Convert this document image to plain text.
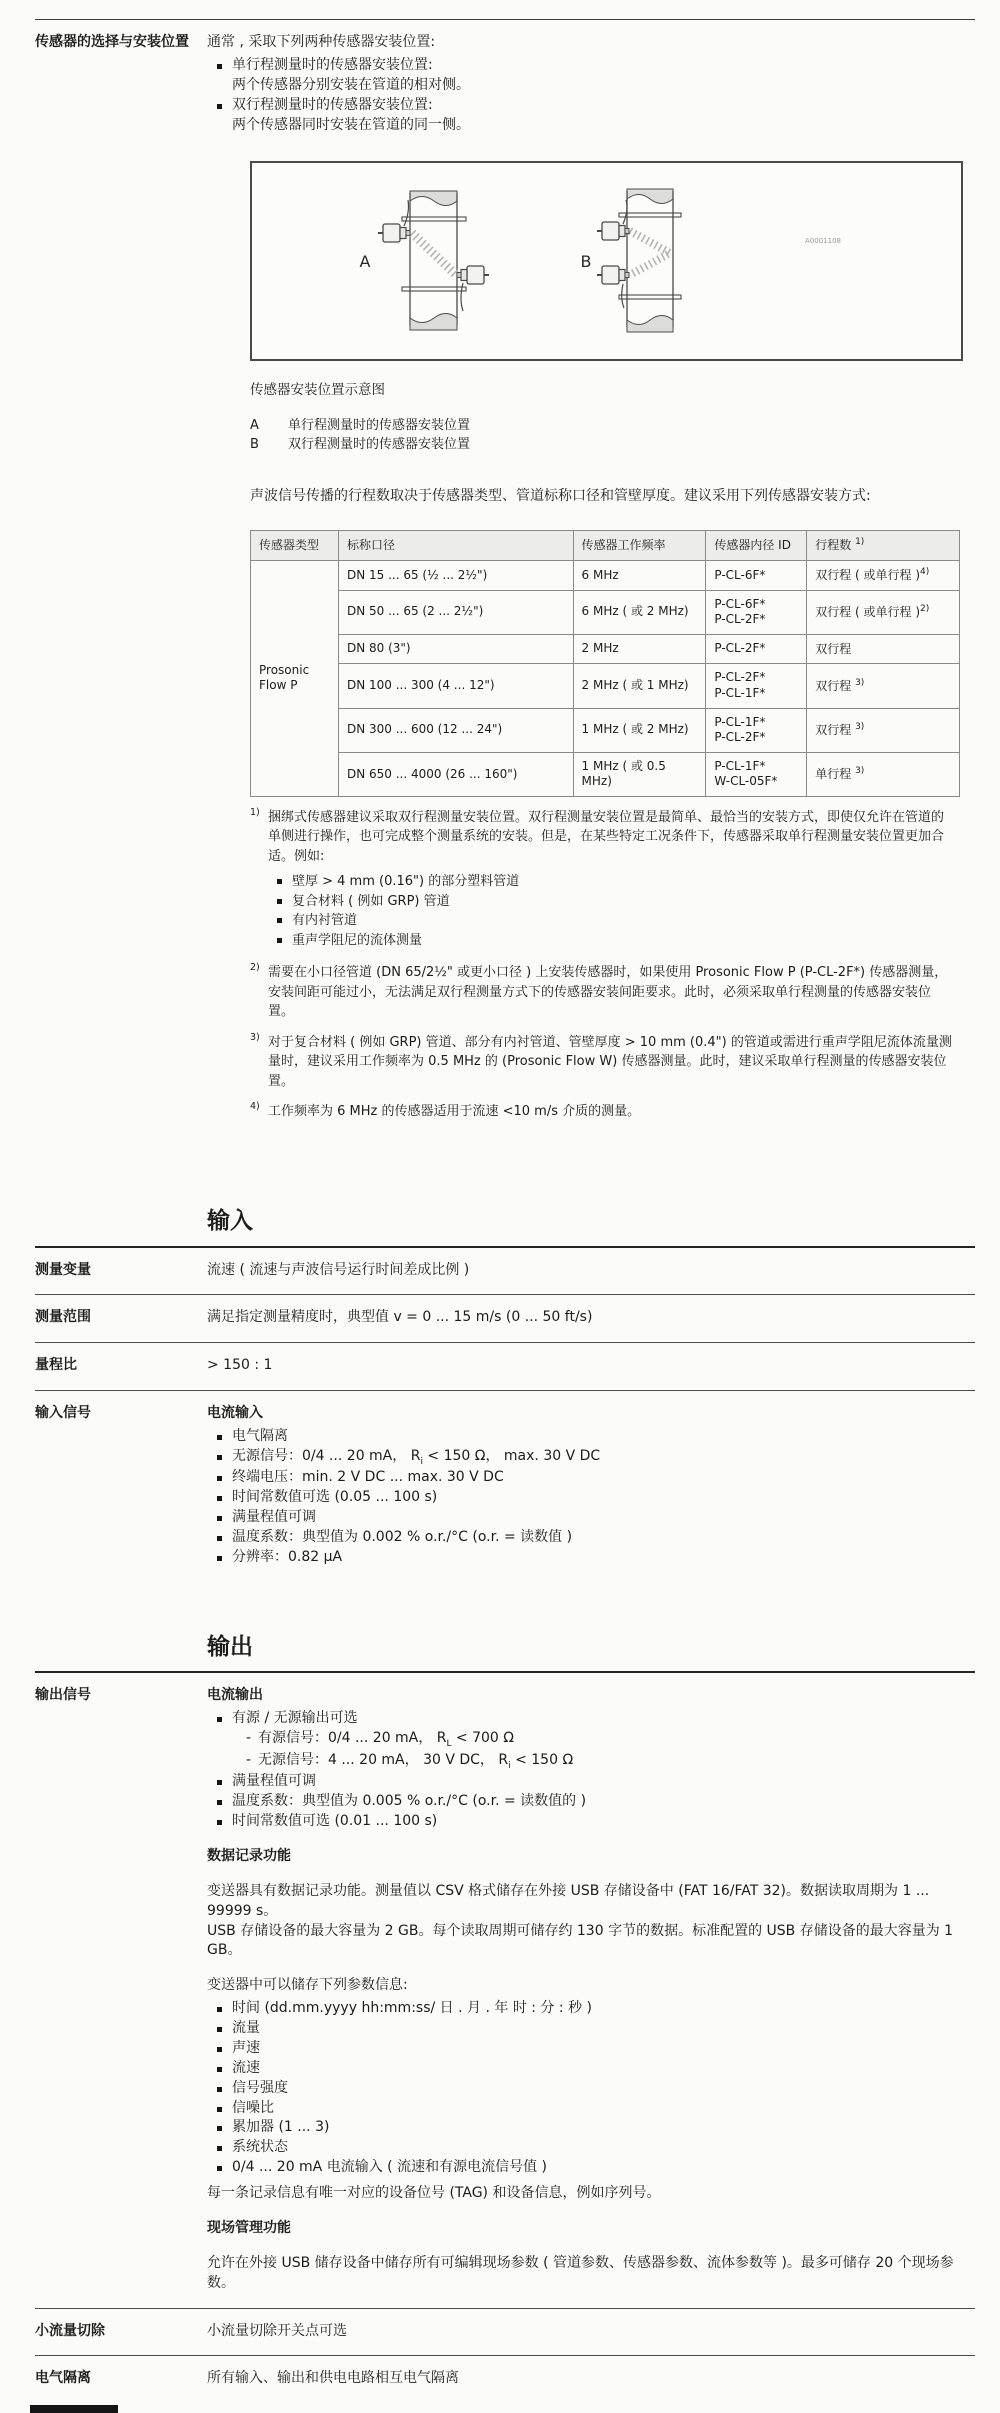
传感器的选择与安装位置	通常 , 采取下列两种传感器安装位置:

单行程测量时的传感器安装位置:
两个传感器分别安装在管道的相对侧。
双行程测量时的传感器安装位置:
两个传感器同时安装在管道的同一侧。
A	B
A0001108

传感器安装位置示意图

A	单行程测量时的传感器安装位置
B	双行程测量时的传感器安装位置

声波信号传播的行程数取决于传感器类型、管道标称口径和管壁厚度。建议采用下列传感器安装方式:

传感器类型	标称口径	传感器工作频率	传感器内径 ID	行程数 $^{1)}$
Prosonic Flow P	DN 15 ... 65 (½ ... 2½")	6 MHz	P-CL-6F*	双行程 ( 或单行程 )$^{4)}$
	DN 50 ... 65 (2 ... 2½")	6 MHz ( 或 2 MHz)	P-CL-6F*
P-CL-2F*	双行程 ( 或单行程 )$^{2)}$
	DN 80 (3")	2 MHz	P-CL-2F*	双行程
	DN 100 ... 300 (4 ... 12")	2 MHz ( 或 1 MHz)	P-CL-2F*
P-CL-1F*	双行程 $^{3)}$
	DN 300 ... 600 (12 ... 24")	1 MHz ( 或 2 MHz)	P-CL-1F*
P-CL-2F*	双行程 $^{3)}$
	DN 650 ... 4000 (26 ... 160")	1 MHz ( 或 0.5 MHz)	P-CL-1F*
W-CL-05F*	单行程 $^{3)}$
1) 捆绑式传感器建议采取双行程测量安装位置。双行程测量安装位置是最简单、最恰当的安装方式，即使仅允许在管道的单侧进行操作，也可完成整个测量系统的安装。但是，在某些特定工况条件下，传感器采取单行程测量安装位置更加合适。例如:
壁厚 > 4 mm (0.16") 的部分塑料管道
复合材料 ( 例如 GRP) 管道
有内衬管道
重声学阻尼的流体测量
2) 需要在小口径管道 (DN 65/2½" 或更小口径 ) 上安装传感器时，如果使用 Prosonic Flow P (P-CL-2F*) 传感器测量，安装间距可能过小，无法满足双行程测量方式下的传感器安装间距要求。此时，必须采取单行程测量的传感器安装位置。
3) 对于复合材料 ( 例如 GRP) 管道、部分有内衬管道、管壁厚度 > 10 mm (0.4") 的管道或需进行重声学阻尼流体流量测量时，建议采用工作频率为 0.5 MHz 的 (Prosonic Flow W) 传感器测量。此时，建议采取单行程测量的传感器安装位置。
4) 工作频率为 6 MHz 的传感器适用于流速 <10 m/s 介质的测量。
输入
测量变量	流速 ( 流速与声波信号运行时间差成比例 )
测量范围	满足指定测量精度时，典型值 v = 0 ... 15 m/s (0 ... 50 ft/s)
量程比	> 150 : 1
输入信号	电流输入

电气隔离
无源信号：0/4 ... 20 mA， $R_i < 150$ Ω， max. 30 V DC
终端电压：min. 2 V DC ... max. 30 V DC
时间常数值可选 (0.05 ... 100 s)
满量程值可调
温度系数：典型值为 0.002 % o.r./°C (o.r. = 读数值 )
分辨率：0.82 µA
输出
输出信号	电流输出

有源 / 无源输出可选
- 有源信号：0/4 ... 20 mA， $R_L < 700$ Ω
- 无源信号：4 ... 20 mA， 30 V DC， $R_i < 150$ Ω
满量程值可调
温度系数：典型值为 0.005 % o.r./°C (o.r. = 读数值的 )
时间常数值可选 (0.01 ... 100 s)

数据记录功能

变送器具有数据记录功能。测量值以 CSV 格式储存在外接 USB 存储设备中 (FAT 16/FAT 32)。数据读取周期为 1 ... 99999 s。
USB 存储设备的最大容量为 2 GB。每个读取周期可储存约 130 字节的数据。标准配置的 USB 存储设备的最大容量为 1 GB。

变送器中可以储存下列参数信息:

时间 (dd.mm.yyyy hh:mm:ss/ 日 . 月 . 年 时 : 分 : 秒 )
流量
声速
流速
信号强度
信噪比
累加器 (1 ... 3)
系统状态
0/4 ... 20 mA 电流输入 ( 流速和有源电流信号值 )

每一条记录信息有唯一对应的设备位号 (TAG) 和设备信息，例如序列号。

现场管理功能

允许在外接 USB 储存设备中储存所有可编辑现场参数 ( 管道参数、传感器参数、流体参数等 )。最多可储存 20 个现场参数。

小流量切除	小流量切除开关点可选
电气隔离	所有输入、输出和供电电路相互电气隔离
